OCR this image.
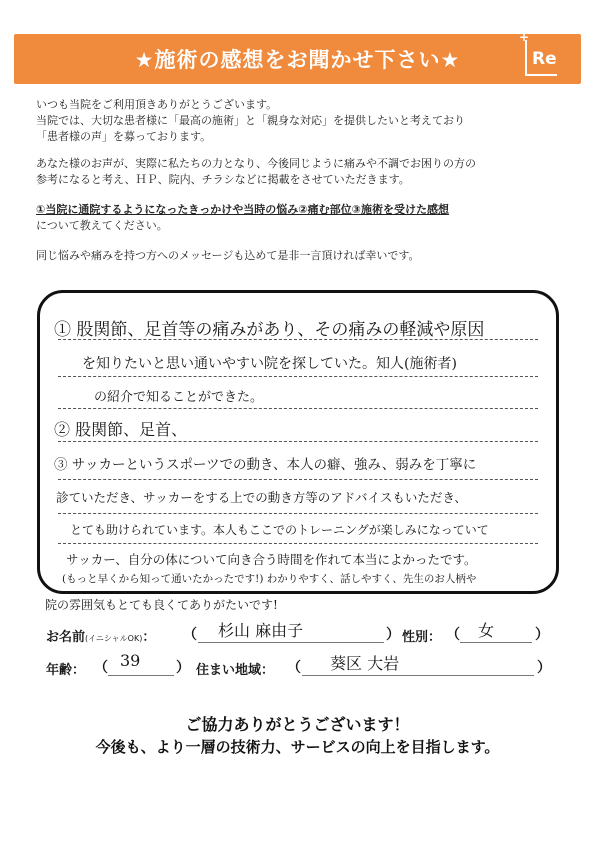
★施術の感想をお聞かせ下さい★
+
Re
いつも当院をご利用頂きありがとうございます。
当院では、大切な患者様に「最高の施術」と「親身な対応」を提供したいと考えており
「患者様の声」を募っております。
あなた様のお声が、実際に私たちの力となり、今後同じように痛みや不調でお困りの方の
参考になると考え、ＨＰ、院内、チラシなどに掲載をさせていただきます。
①当院に通院するようになったきっかけや当時の悩み②痛む部位③施術を受けた感想
について教えてください。
同じ悩みや痛みを持つ方へのメッセージも込めて是非一言頂ければ幸いです。
① 股関節、足首等の痛みがあり、その痛みの軽減や原因
を知りたいと思い通いやすい院を探していた。知人(施術者)
の紹介で知ることができた。
② 股関節、足首、
③ サッカーというスポーツでの動き、本人の癖、強み、弱みを丁寧に
診ていただき、サッカーをする上での動き方等のアドバイスもいただき、
とても助けられています。本人もここでのトレーニングが楽しみになっていて
サッカー、自分の体について向き合う時間を作れて本当によかったです。
(もっと早くから知って通いたかったです!) わかりやすく、話しやすく、先生のお人柄や
院の雰囲気もとても良くてありがたいです!
お名前(イニシャルOK)： （ 杉山 麻由子	） 性別： （ 女	）
年齢： （ 39	） 住まい地域： （ 葵区 大岩	）
ご協力ありがとうございます！
今後も、より一層の技術力、サービスの向上を目指します。
